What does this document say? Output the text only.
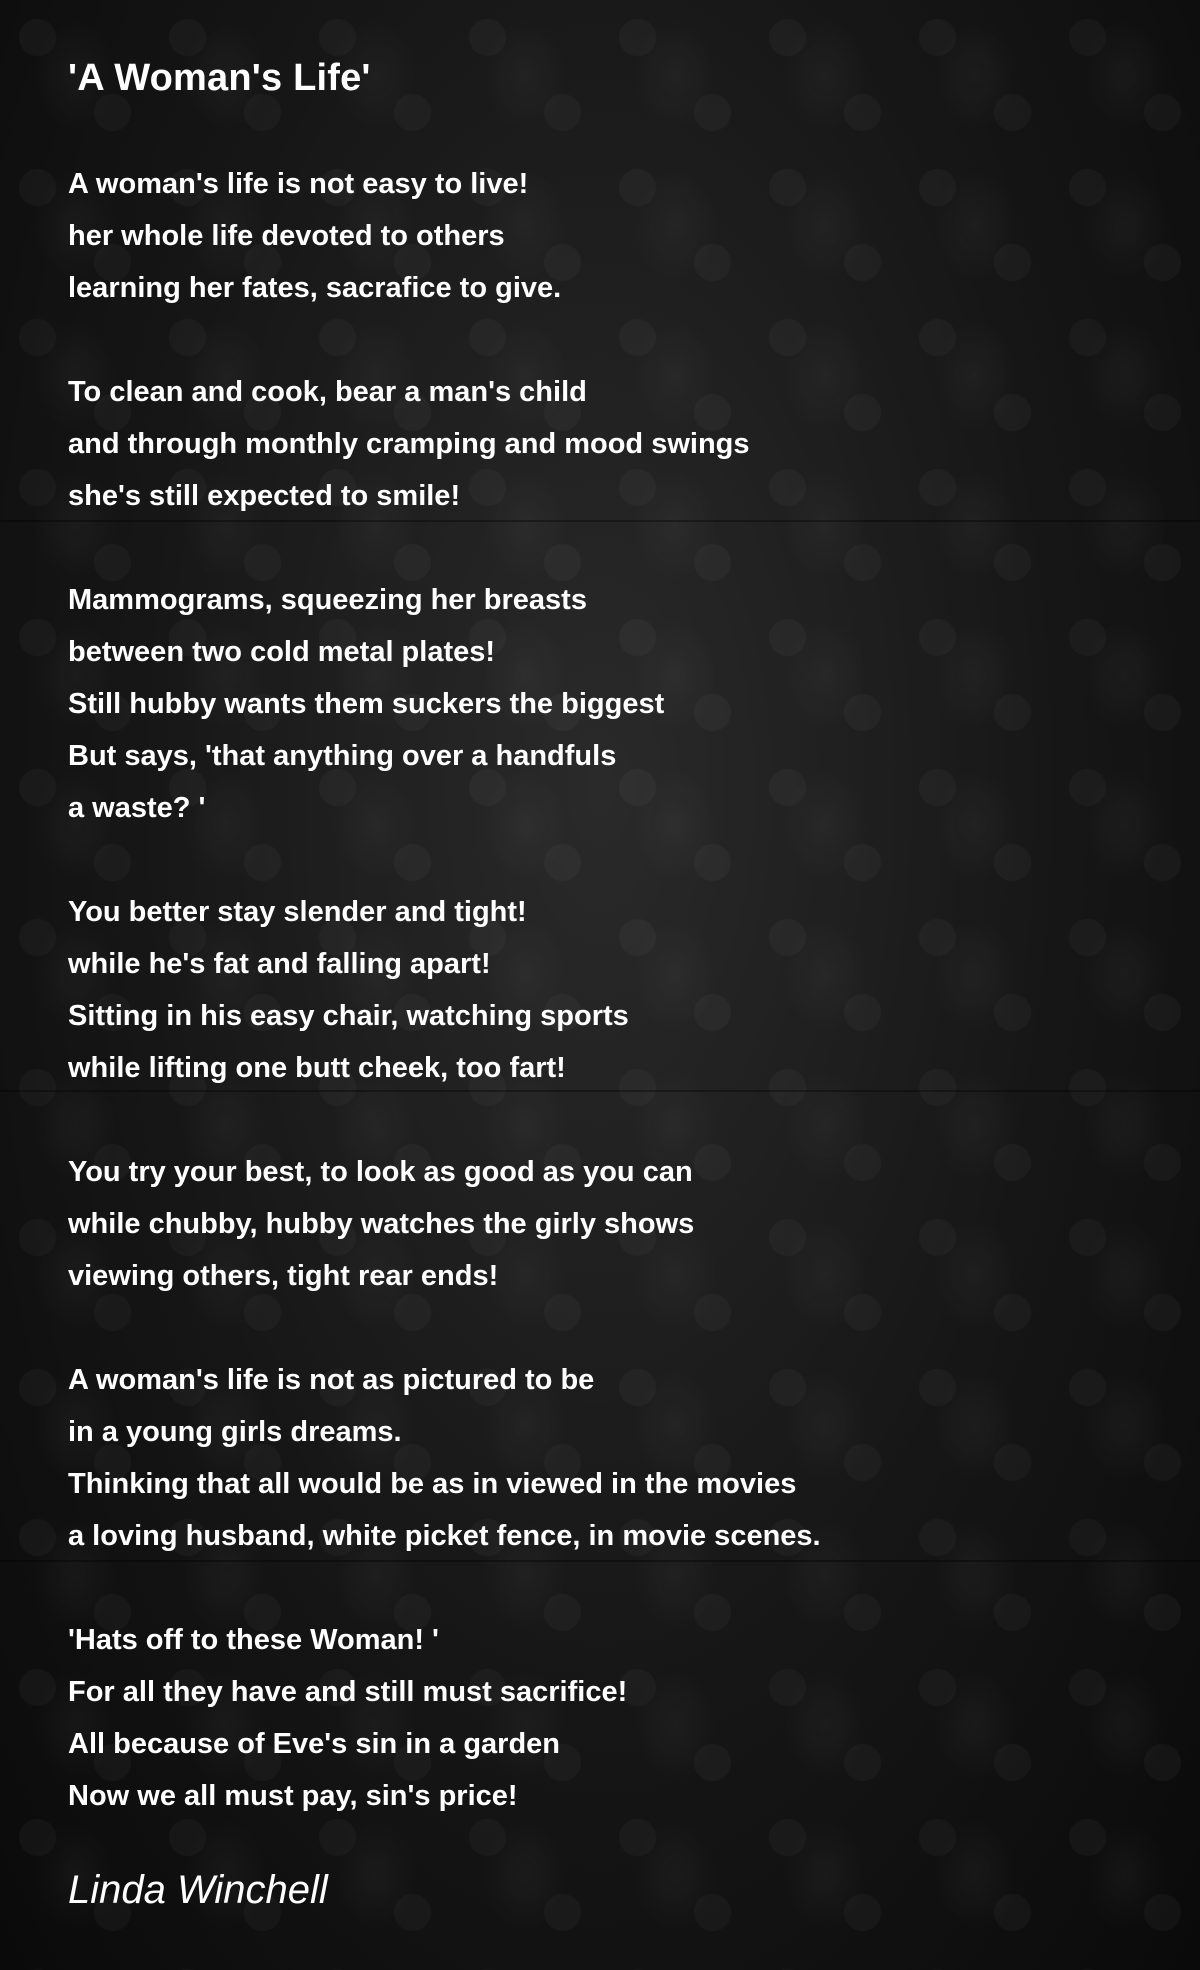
'A Woman's Life'
A woman's life is not easy to live!
her whole life devoted to others
learning her fates, sacrafice to give.
To clean and cook, bear a man's child
and through monthly cramping and mood swings
she's still expected to smile!
Mammograms, squeezing her breasts
between two cold metal plates!
Still hubby wants them suckers the biggest
But says, 'that anything over a handfuls
a waste? '
You better stay slender and tight!
while he's fat and falling apart!
Sitting in his easy chair, watching sports
while lifting one butt cheek, too fart!
You try your best, to look as good as you can
while chubby, hubby watches the girly shows
viewing others, tight rear ends!
A woman's life is not as pictured to be
in a young girls dreams.
Thinking that all would be as in viewed in the movies
a loving husband, white picket fence, in movie scenes.
'Hats off to these Woman! '
For all they have and still must sacrifice!
All because of Eve's sin in a garden
Now we all must pay, sin's price!
Linda Winchell
